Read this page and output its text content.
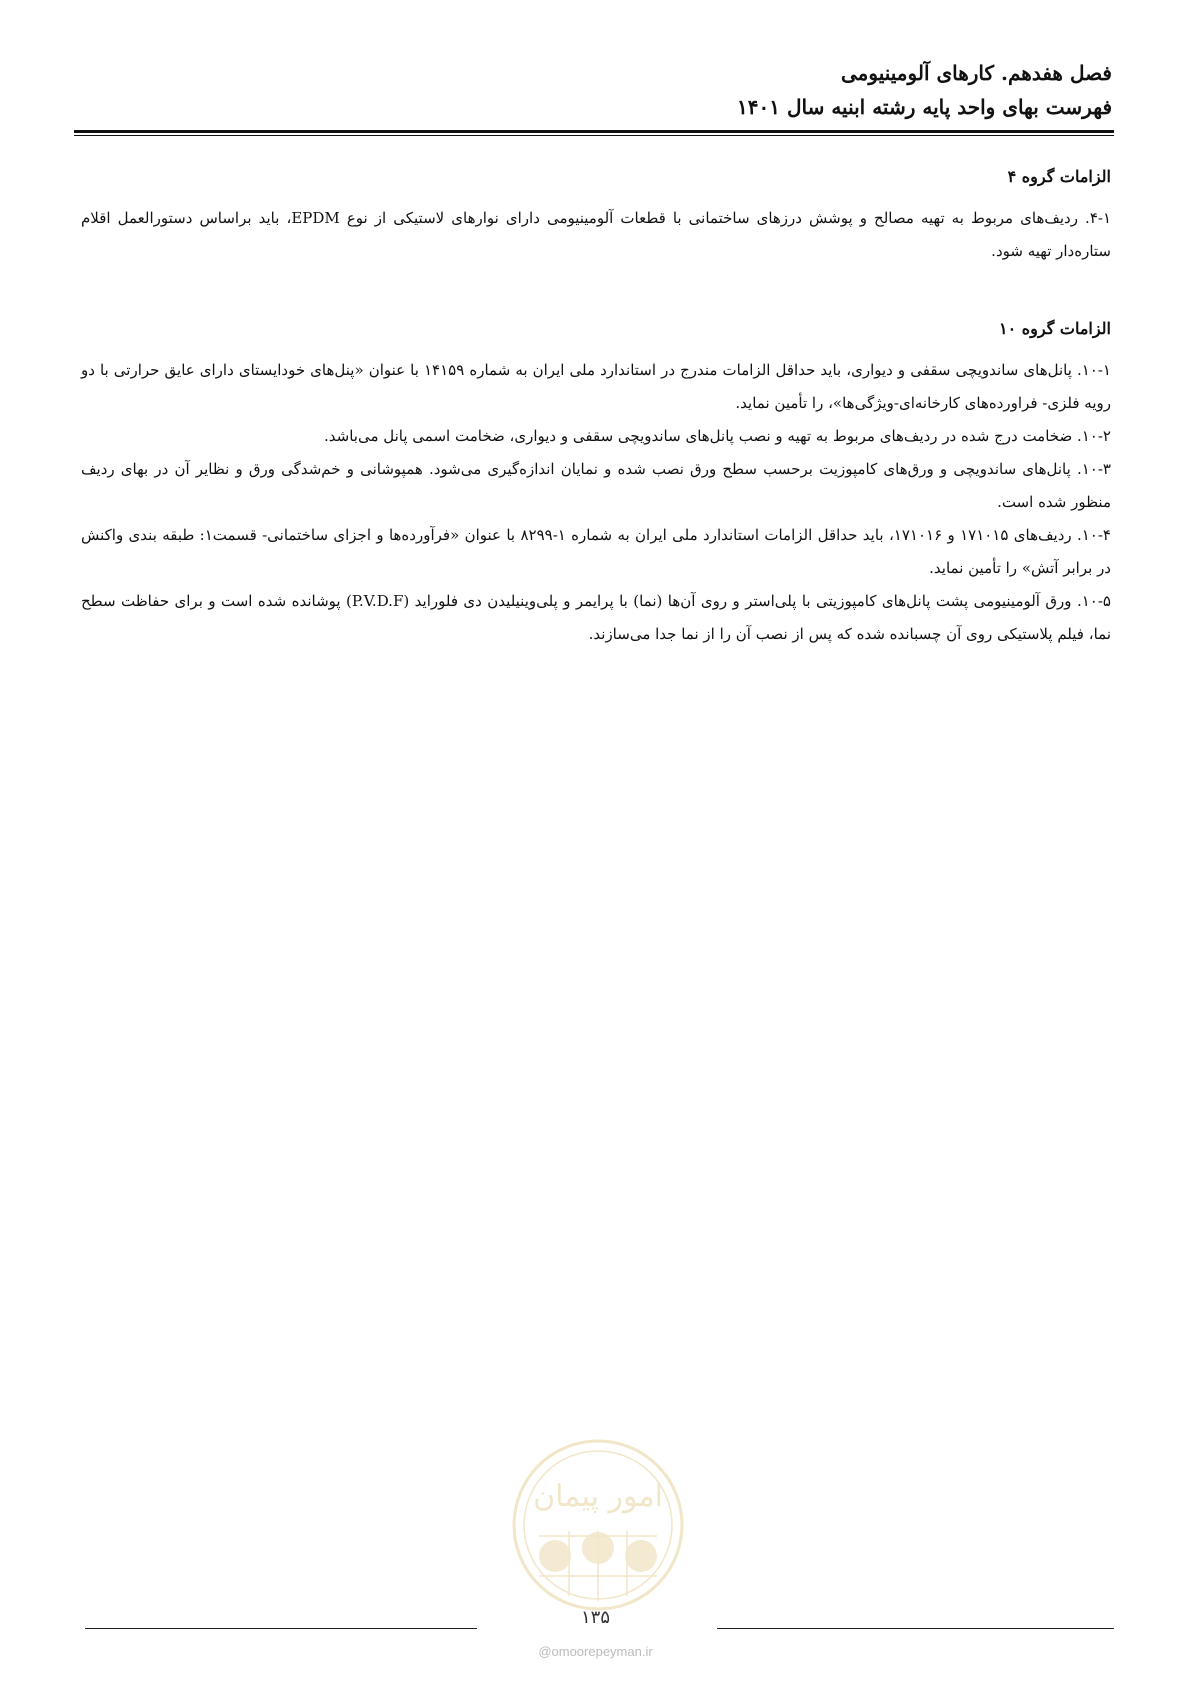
فصل هفدهم. کارهای آلومینیومی
فهرست بهای واحد پایه رشته ابنیه سال ۱۴۰۱
الزامات گروه ۴

۴-۱. ردیف‌های مربوط به تهیه مصالح و پوشش درزهای ساختمانی با قطعات آلومینیومی دارای نوارهای لاستیکی از نوع EPDM، باید براساس دستورالعمل اقلام ستاره‌دار تهیه شود.

الزامات گروه ۱۰

۱۰-۱. پانل‌های ساندویچی سقفی و دیواری، باید حداقل الزامات مندرج در استاندارد ملی ایران به شماره ۱۴۱۵۹ با عنوان «پنل‌های خودایستای دارای عایق حرارتی با دو رویه فلزی- فراورده‌های کارخانه‌ای-ویژگی‌ها»، را تأمین نماید.

۱۰-۲. ضخامت درج شده در ردیف‌های مربوط به تهیه و نصب پانل‌های ساندویچی سقفی و دیواری، ضخامت اسمی پانل می‌باشد.

۱۰-۳. پانل‌های ساندویچی و ورق‌های کامپوزیت برحسب سطح ورق نصب شده و نمایان اندازه‌گیری می‌شود. همپوشانی و خم‌شدگی ورق و نظایر آن در بهای ردیف منظور شده است.

۱۰-۴. ردیف‌های ۱۷۱۰۱۵ و ۱۷۱۰۱۶، باید حداقل الزامات استاندارد ملی ایران به شماره ۱-۸۲۹۹ با عنوان «فرآورده‌ها و اجزای ساختمانی- قسمت۱: طبقه بندی واکنش در برابر آتش» را تأمین نماید.

۱۰-۵. ورق آلومینیومی پشت پانل‌های کامپوزیتی با پلی‌استر و روی آن‌ها (نما) با پرایمر و پلی‌وینیلیدن دی فلوراید (P.V.D.F) پوشانده شده است و برای حفاظت سطح نما، فیلم پلاستیکی روی آن چسبانده شده که پس از نصب آن را از نما جدا می‌سازند.

امور پیمان
۱۳۵
@omoorepeyman.ir
